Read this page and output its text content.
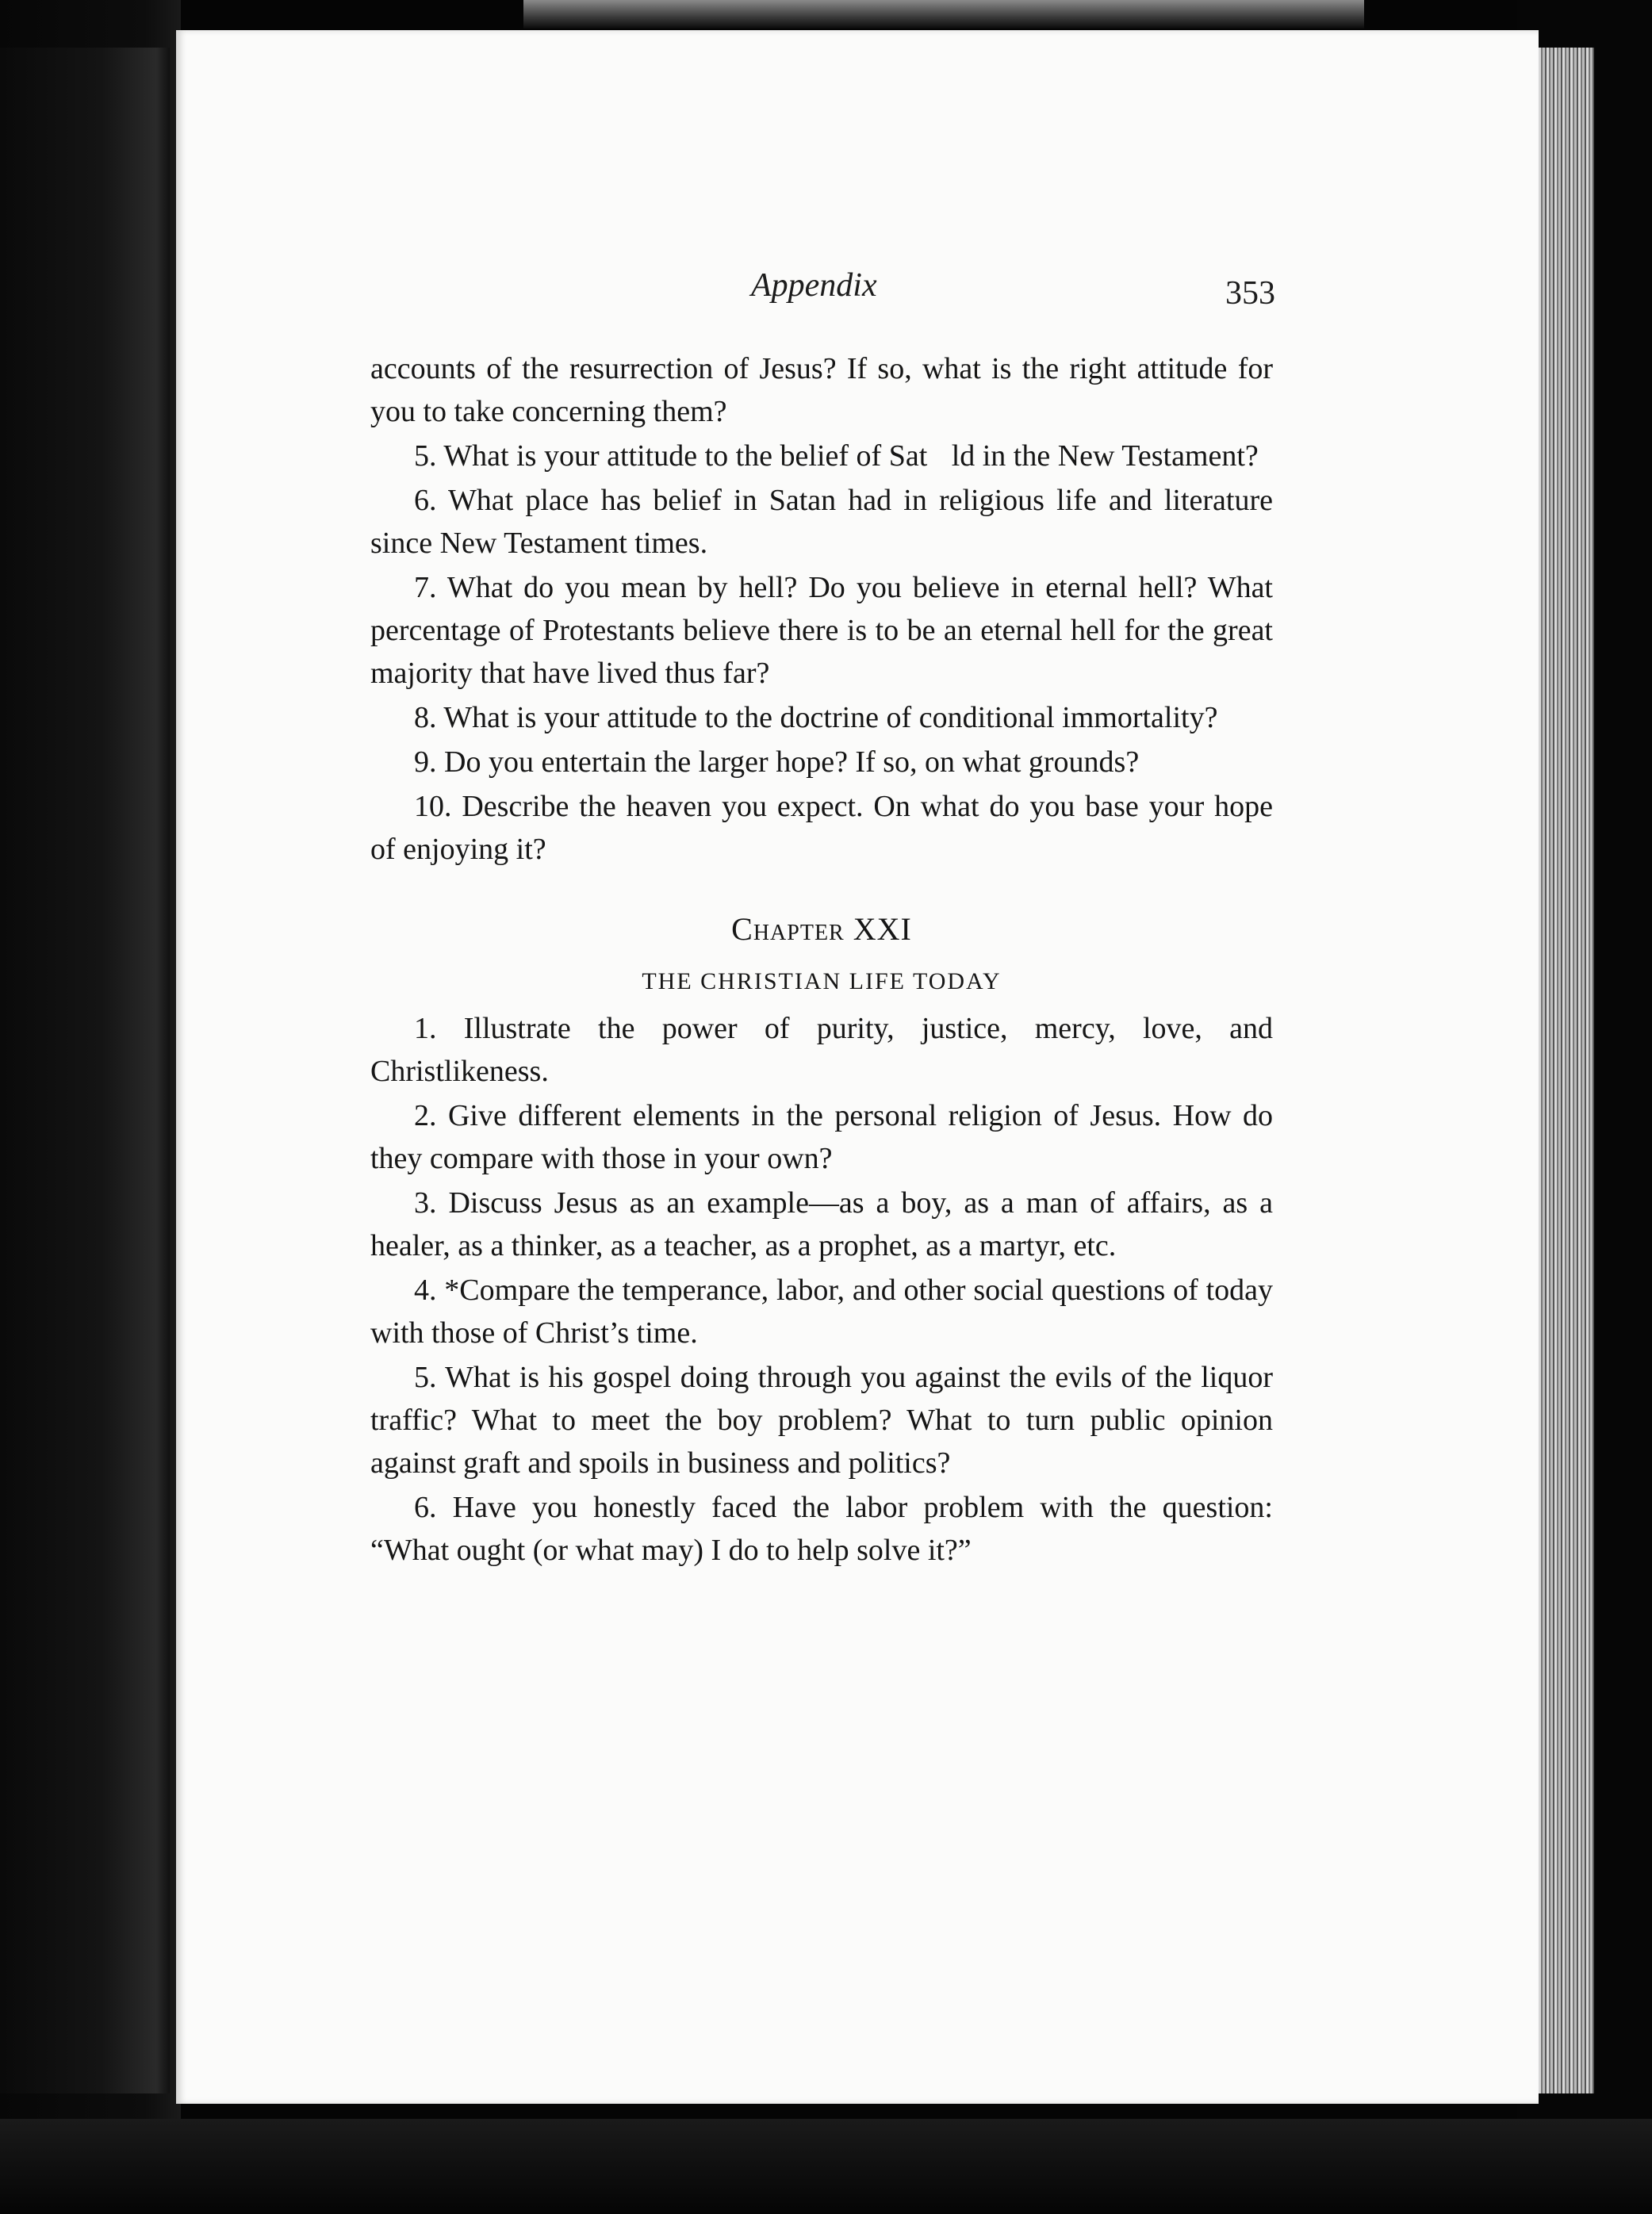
Appendix	353

accounts of the resurrection of Jesus? If so, what is the right attitude for you to take concerning them?

5. What is your attitude to the belief of Sat    ld in the New Testament?

6. What place has belief in Satan had in religious life and literature since New Testament times.

7. What do you mean by hell? Do you believe in eternal hell? What percentage of Protestants believe there is to be an eternal hell for the great majority that have lived thus far?

8. What is your attitude to the doctrine of conditional immortality?

9. Do you entertain the larger hope? If so, on what grounds?

10. Describe the heaven you expect. On what do you base your hope of enjoying it?

Chapter XXI
THE CHRISTIAN LIFE TODAY

1. Illustrate the power of purity, justice, mercy, love, and Christlikeness.

2. Give different elements in the personal religion of Jesus. How do they compare with those in your own?

3. Discuss Jesus as an example—as a boy, as a man of affairs, as a healer, as a thinker, as a teacher, as a prophet, as a martyr, etc.

4. *Compare the temperance, labor, and other social questions of today with those of Christ’s time.

5. What is his gospel doing through you against the evils of the liquor traffic? What to meet the boy problem? What to turn public opinion against graft and spoils in business and politics?

6. Have you honestly faced the labor problem with the question: “What ought (or what may) I do to help solve it?”
